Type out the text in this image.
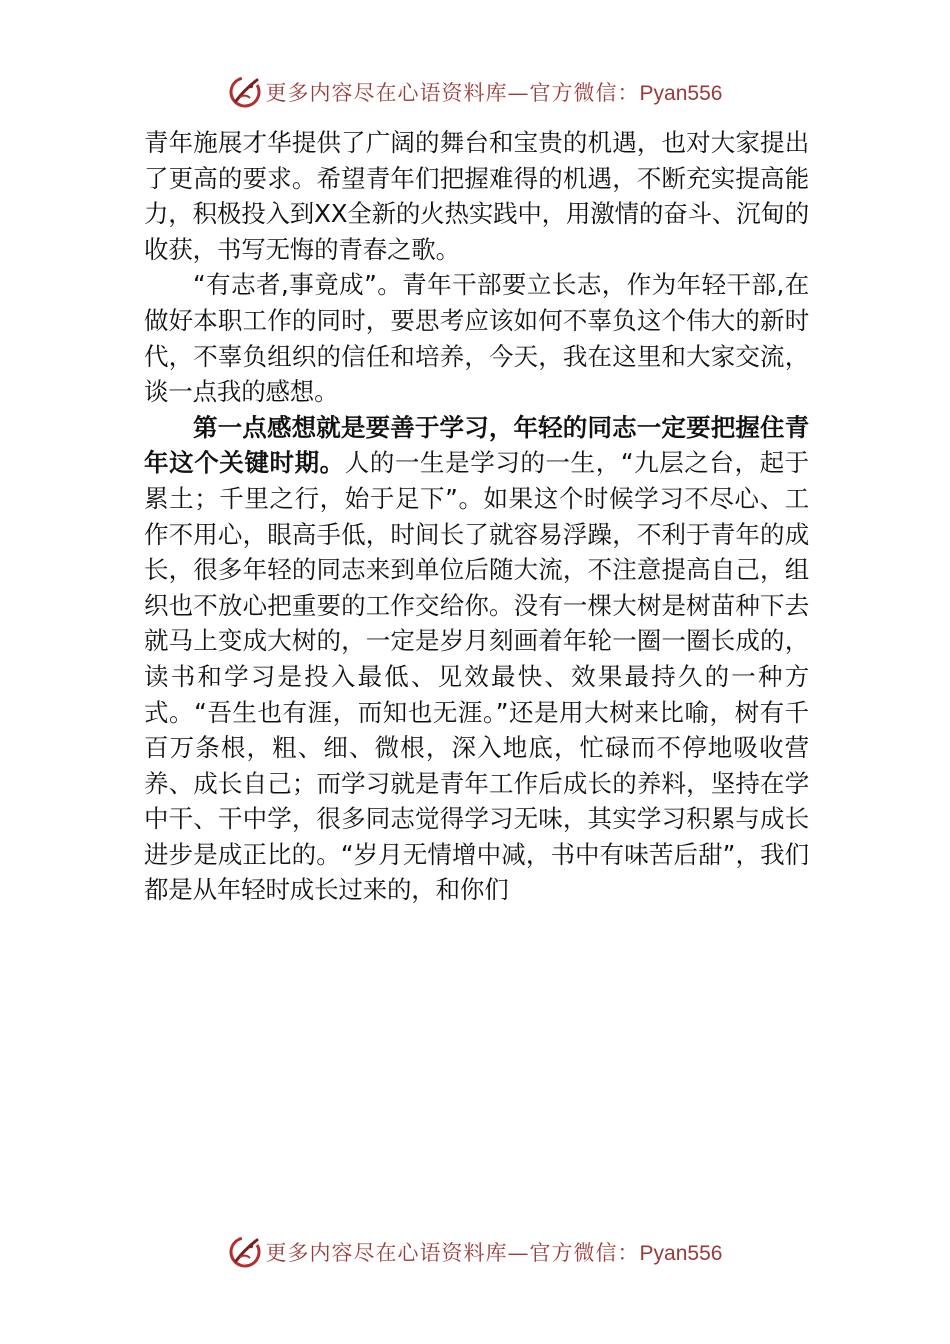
更多内容尽在心语资料库—官方微信：Pyan556

青年施展才华提供了广阔的舞台和宝贵的机遇，也对大家提出了更高的要求。希望青年们把握难得的机遇，不断充实提高能力，积极投入到XX全新的火热实践中，用激情的奋斗、沉甸的收获，书写无悔的青春之歌。

“有志者,事竟成”。青年干部要立长志，作为年轻干部,在做好本职工作的同时，要思考应该如何不辜负这个伟大的新时代，不辜负组织的信任和培养，今天，我在这里和大家交流，谈一点我的感想。

第一点感想就是要善于学习，年轻的同志一定要把握住青年这个关键时期。人的一生是学习的一生，“九层之台，起于累土；千里之行，始于足下”。如果这个时候学习不尽心、工作不用心，眼高手低，时间长了就容易浮躁，不利于青年的成长，很多年轻的同志来到单位后随大流，不注意提高自己，组织也不放心把重要的工作交给你。没有一棵大树是树苗种下去就马上变成大树的，一定是岁月刻画着年轮一圈一圈长成的，读书和学习是投入最低、见效最快、效果最持久的一种方式。“吾生也有涯，而知也无涯。”还是用大树来比喻，树有千百万条根，粗、细、微根，深入地底，忙碌而不停地吸收营养、成长自己；而学习就是青年工作后成长的养料，坚持在学中干、干中学，很多同志觉得学习无味，其实学习积累与成长进步是成正比的。“岁月无情增中减，书中有味苦后甜”，我们都是从年轻时成长过来的，和你们

更多内容尽在心语资料库—官方微信：Pyan556
